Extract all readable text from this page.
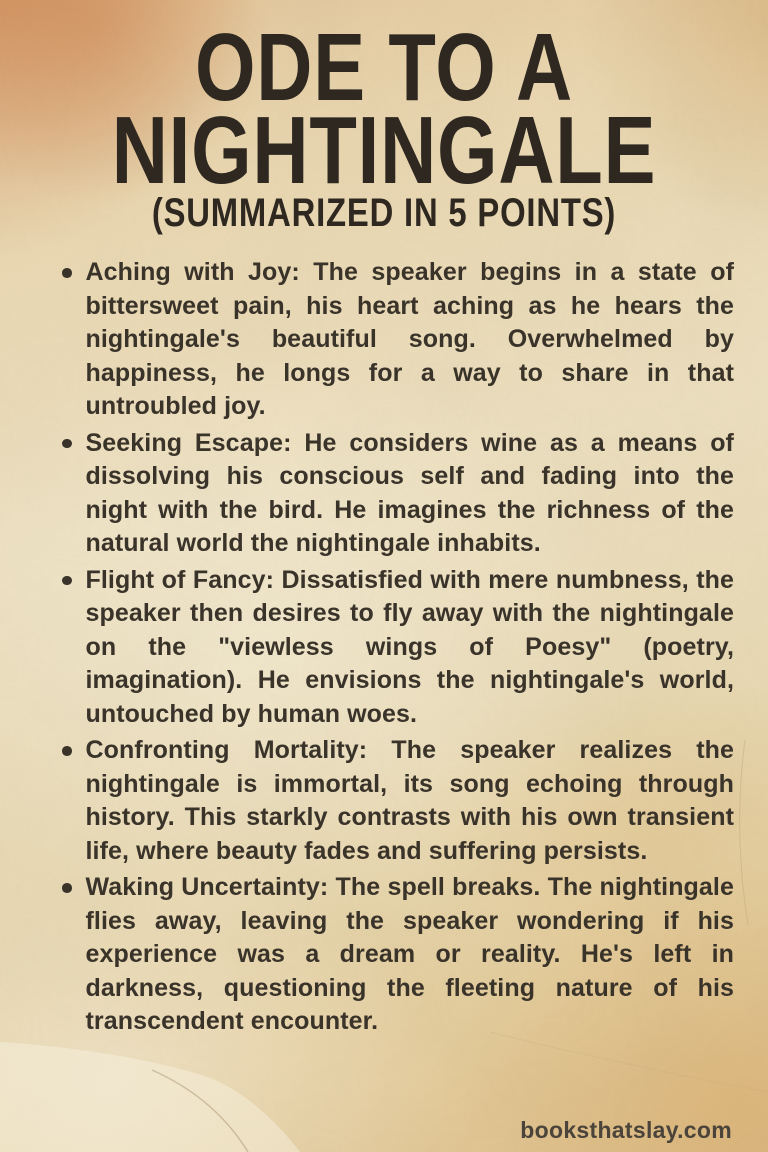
ODE TO A
NIGHTINGALE
(SUMMARIZED IN 5 POINTS)
Aching with Joy: The speaker begins in a state of bittersweet pain, his heart aching as he hears the nightingale's beautiful song. Overwhelmed by happiness, he longs for a way to share in that untroubled joy.
Seeking Escape: He considers wine as a means of dissolving his conscious self and fading into the night with the bird. He imagines the richness of the natural world the nightingale inhabits.
Flight of Fancy: Dissatisfied with mere numbness, the speaker then desires to fly away with the nightingale on the "viewless wings of Poesy" (poetry, imagination). He envisions the nightingale's world, untouched by human woes.
Confronting Mortality: The speaker realizes the nightingale is immortal, its song echoing through history. This starkly contrasts with his own transient life, where beauty fades and suffering persists.
Waking Uncertainty: The spell breaks. The nightingale flies away, leaving the speaker wondering if his experience was a dream or reality. He's left in darkness, questioning the fleeting nature of his transcendent encounter.
booksthatslay.com
